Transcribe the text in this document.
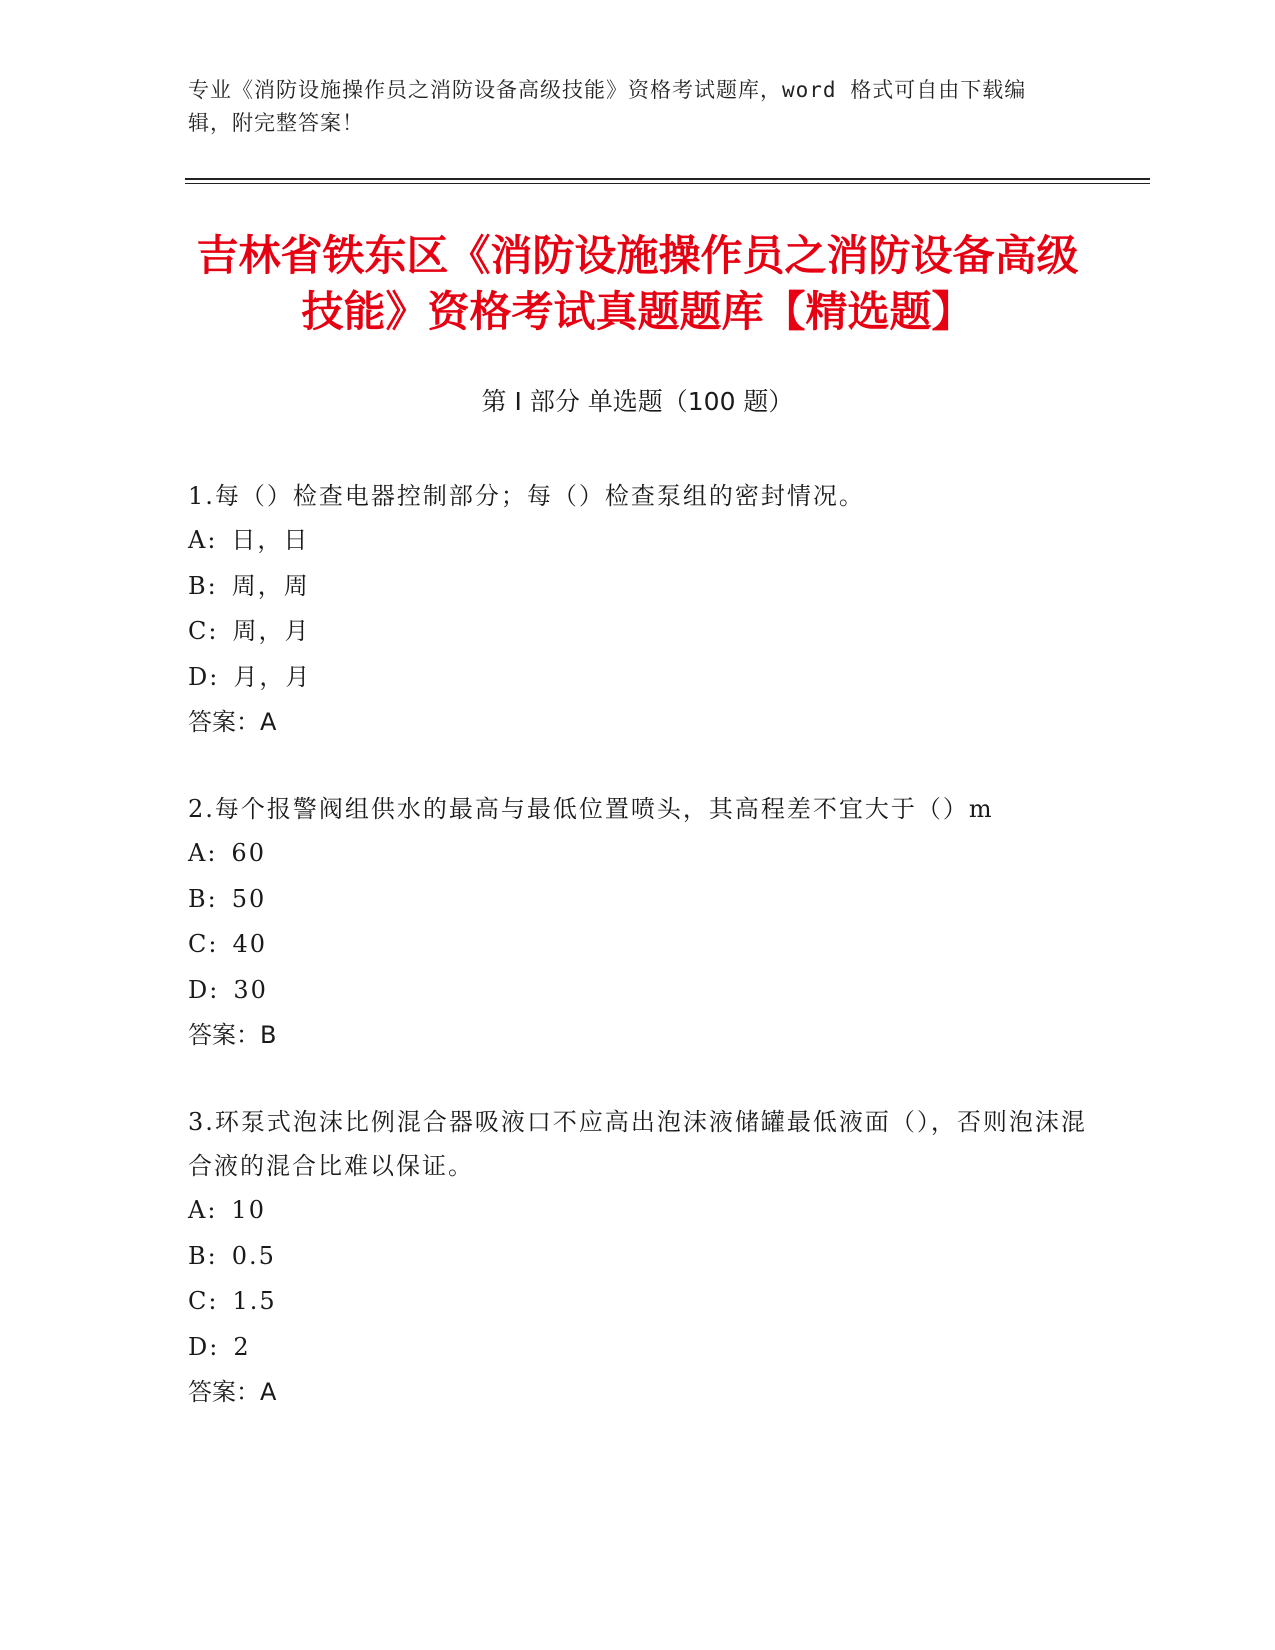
专业《消防设施操作员之消防设备高级技能》资格考试题库，word 格式可自由下载编辑，附完整答案！
吉林省铁东区《消防设施操作员之消防设备高级技能》资格考试真题题库【精选题】
第 I 部分 单选题（100 题）

1.每（）检查电器控制部分；每（）检查泵组的密封情况。

A: 日，日
B: 周，周
C: 周，月
D: 月，月
答案：A

2.每个报警阀组供水的最高与最低位置喷头，其高程差不宜大于（）m

A: 60
B: 50
C: 40
D: 30
答案：B

3.环泵式泡沫比例混合器吸液口不应高出泡沫液储罐最低液面（），否则泡沫混合液的混合比难以保证。

A: 10
B: 0.5
C: 1.5
D: 2
答案：A
